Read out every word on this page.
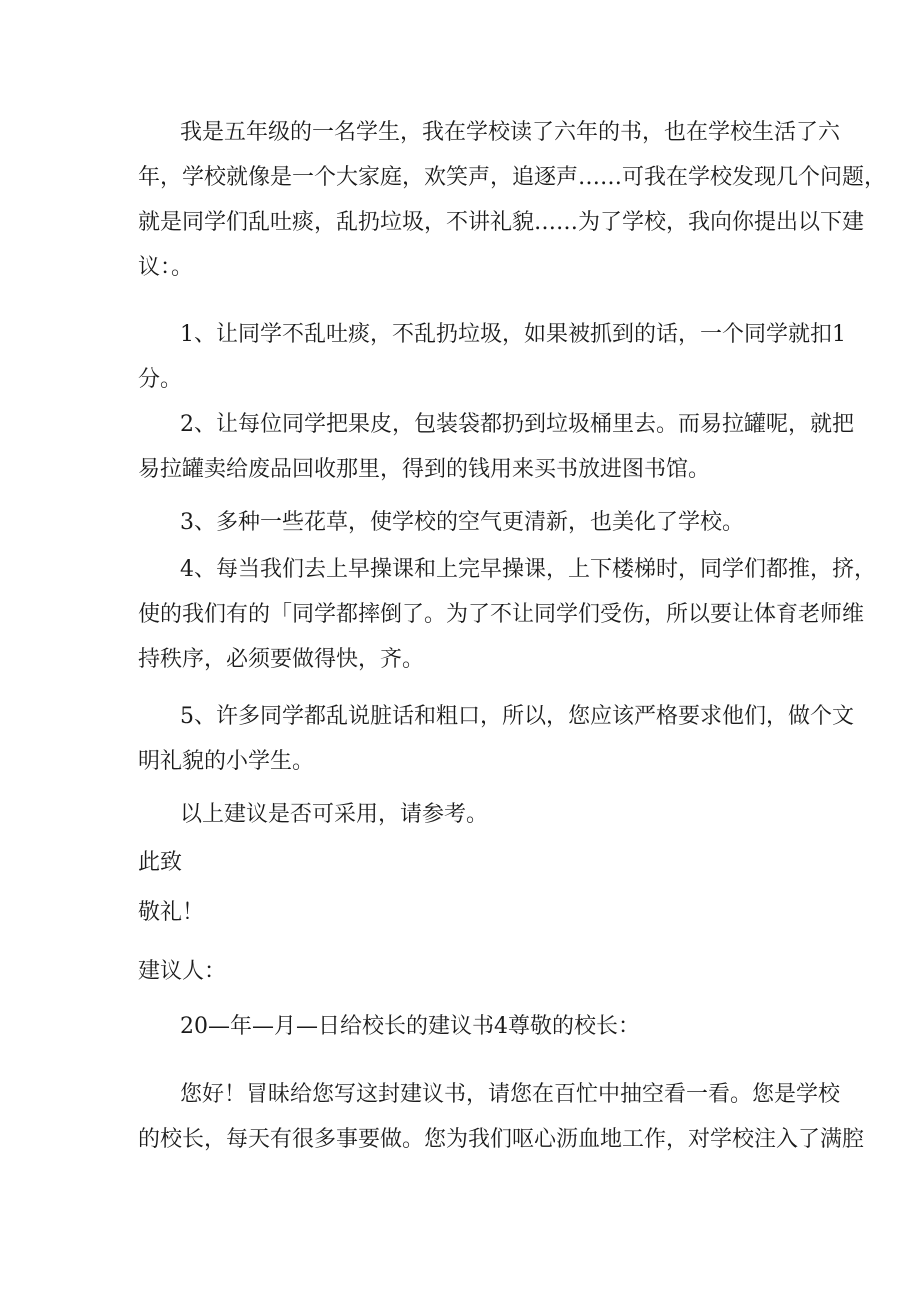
我是五年级的一名学生，我在学校读了六年的书，也在学校生活了六
年，学校就像是一个大家庭，欢笑声，追逐声……可我在学校发现几个问题，
就是同学们乱吐痰，乱扔垃圾，不讲礼貌……为了学校，我向你提出以下建
议：。
1、让同学不乱吐痰，不乱扔垃圾，如果被抓到的话，一个同学就扣1
分。
2、让每位同学把果皮，包装袋都扔到垃圾桶里去。而易拉罐呢，就把
易拉罐卖给废品回收那里，得到的钱用来买书放进图书馆。
3、多种一些花草，使学校的空气更清新，也美化了学校。
4、每当我们去上早操课和上完早操课，上下楼梯时，同学们都推，挤，
使的我们有的「同学都摔倒了。为了不让同学们受伤，所以要让体育老师维
持秩序，必须要做得快，齐。
5、许多同学都乱说脏话和粗口，所以，您应该严格要求他们，做个文
明礼貌的小学生。
以上建议是否可采用，请参考。
此致
敬礼！
建议人：
20—年—月—日给校长的建议书4尊敬的校长：
您好！冒昧给您写这封建议书，请您在百忙中抽空看一看。您是学校
的校长，每天有很多事要做。您为我们呕心沥血地工作，对学校注入了满腔
